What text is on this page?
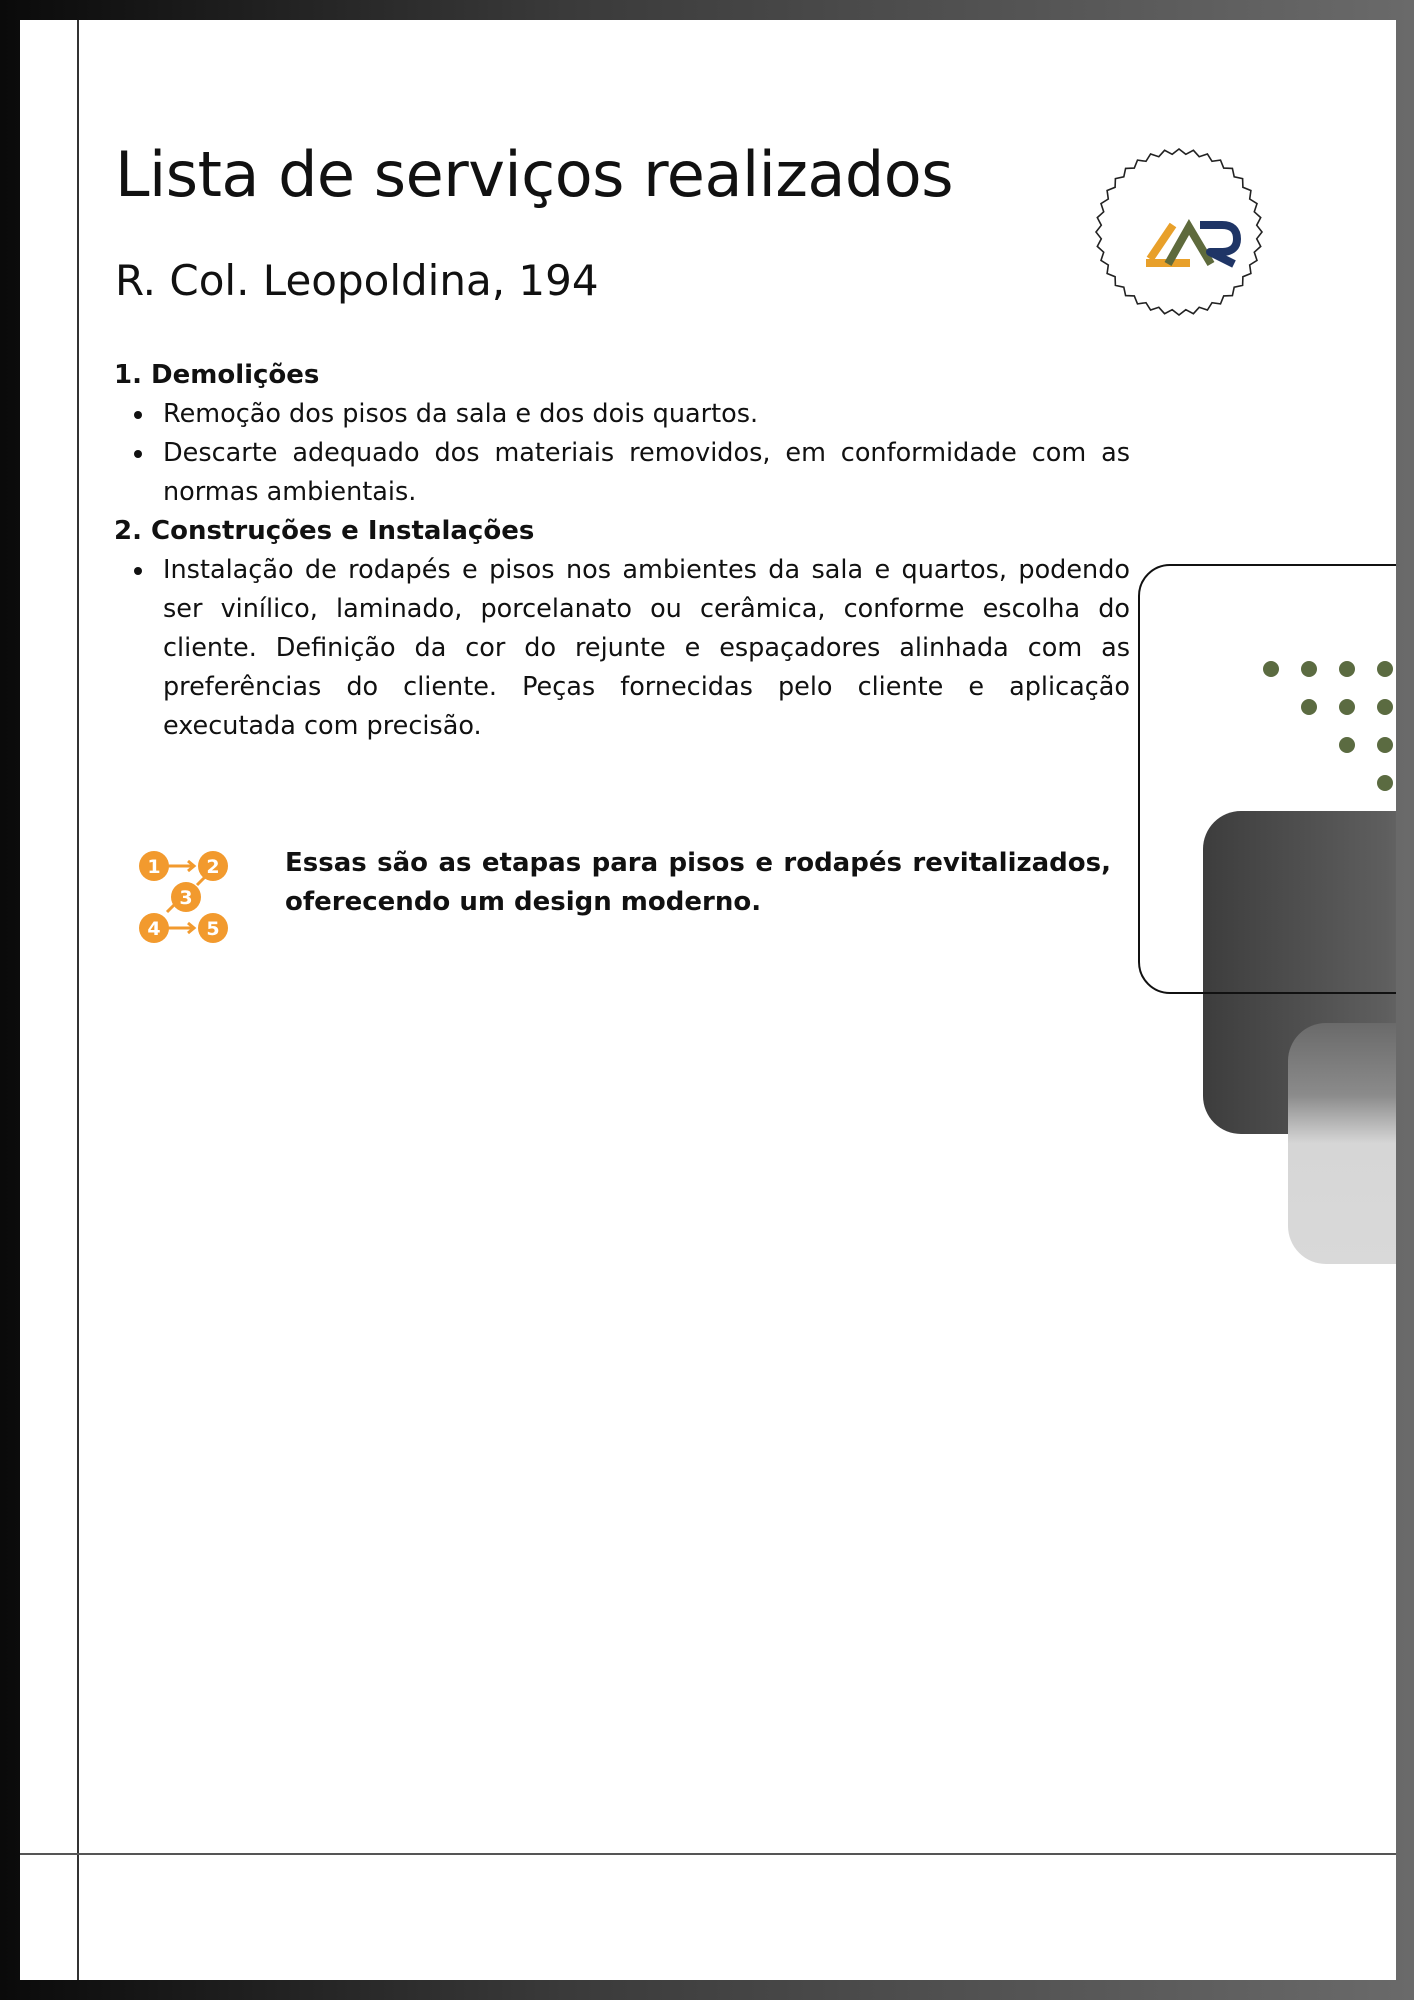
Lista de serviços realizados
R. Col. Leopoldina, 194

1. Demolições

Remoção dos pisos da sala e dos dois quartos.
Descarte adequado dos materiais removidos, em conformidade com as normas ambientais.

2. Construções e Instalações

Instalação de rodapés e pisos nos ambientes da sala e quartos, podendo ser vinílico, laminado, porcelanato ou cerâmica, conforme escolha do cliente. Definição da cor do rejunte e espaçadores alinhada com as preferências do cliente. Peças fornecidas pelo cliente e aplicação executada com precisão.
1 2
3
4 5

Essas são as etapas para pisos e rodapés revitalizados, oferecendo um design moderno.
